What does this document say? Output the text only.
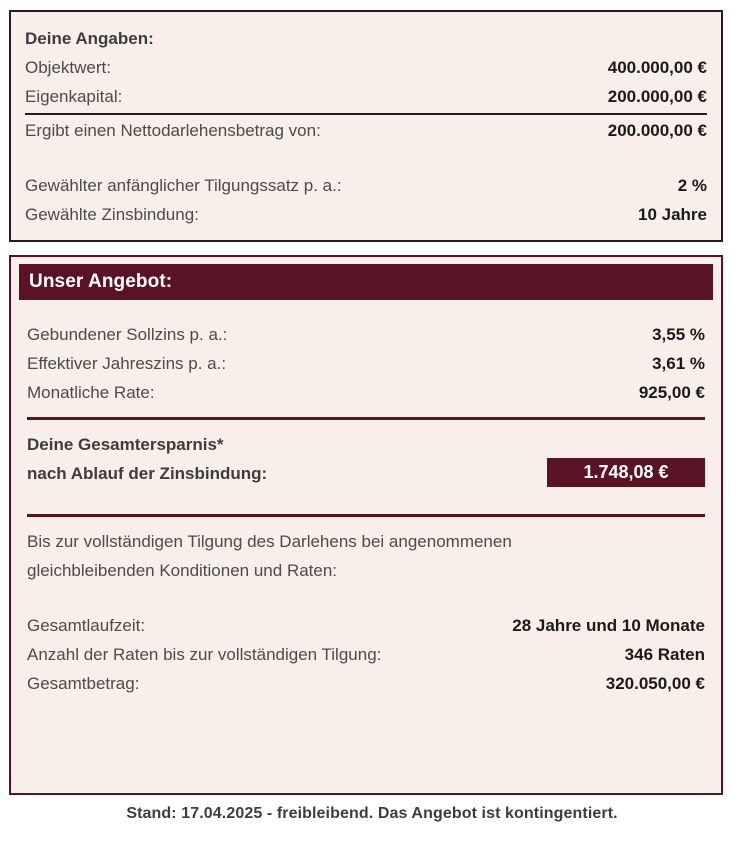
Deine Angaben:
Objektwert:	400.000,00 €
Eigenkapital:	200.000,00 €
Ergibt einen Nettodarlehensbetrag von:	200.000,00 €
Gewählter anfänglicher Tilgungssatz p. a.:	2 %
Gewählte Zinsbindung:	10 Jahre
Unser Angebot:
Gebundener Sollzins p. a.:	3,55 %
Effektiver Jahreszins p. a.:	3,61 %
Monatliche Rate:	925,00 €
Deine Gesamtersparnis*
nach Ablauf der Zinsbindung:	1.748,08 €
Bis zur vollständigen Tilgung des Darlehens bei angenommenen
gleichbleibenden Konditionen und Raten:
Gesamtlaufzeit:	28 Jahre und 10 Monate
Anzahl der Raten bis zur vollständigen Tilgung:	346 Raten
Gesamtbetrag:	320.050,00 €
Stand: 17.04.2025 - freibleibend. Das Angebot ist kontingentiert.
